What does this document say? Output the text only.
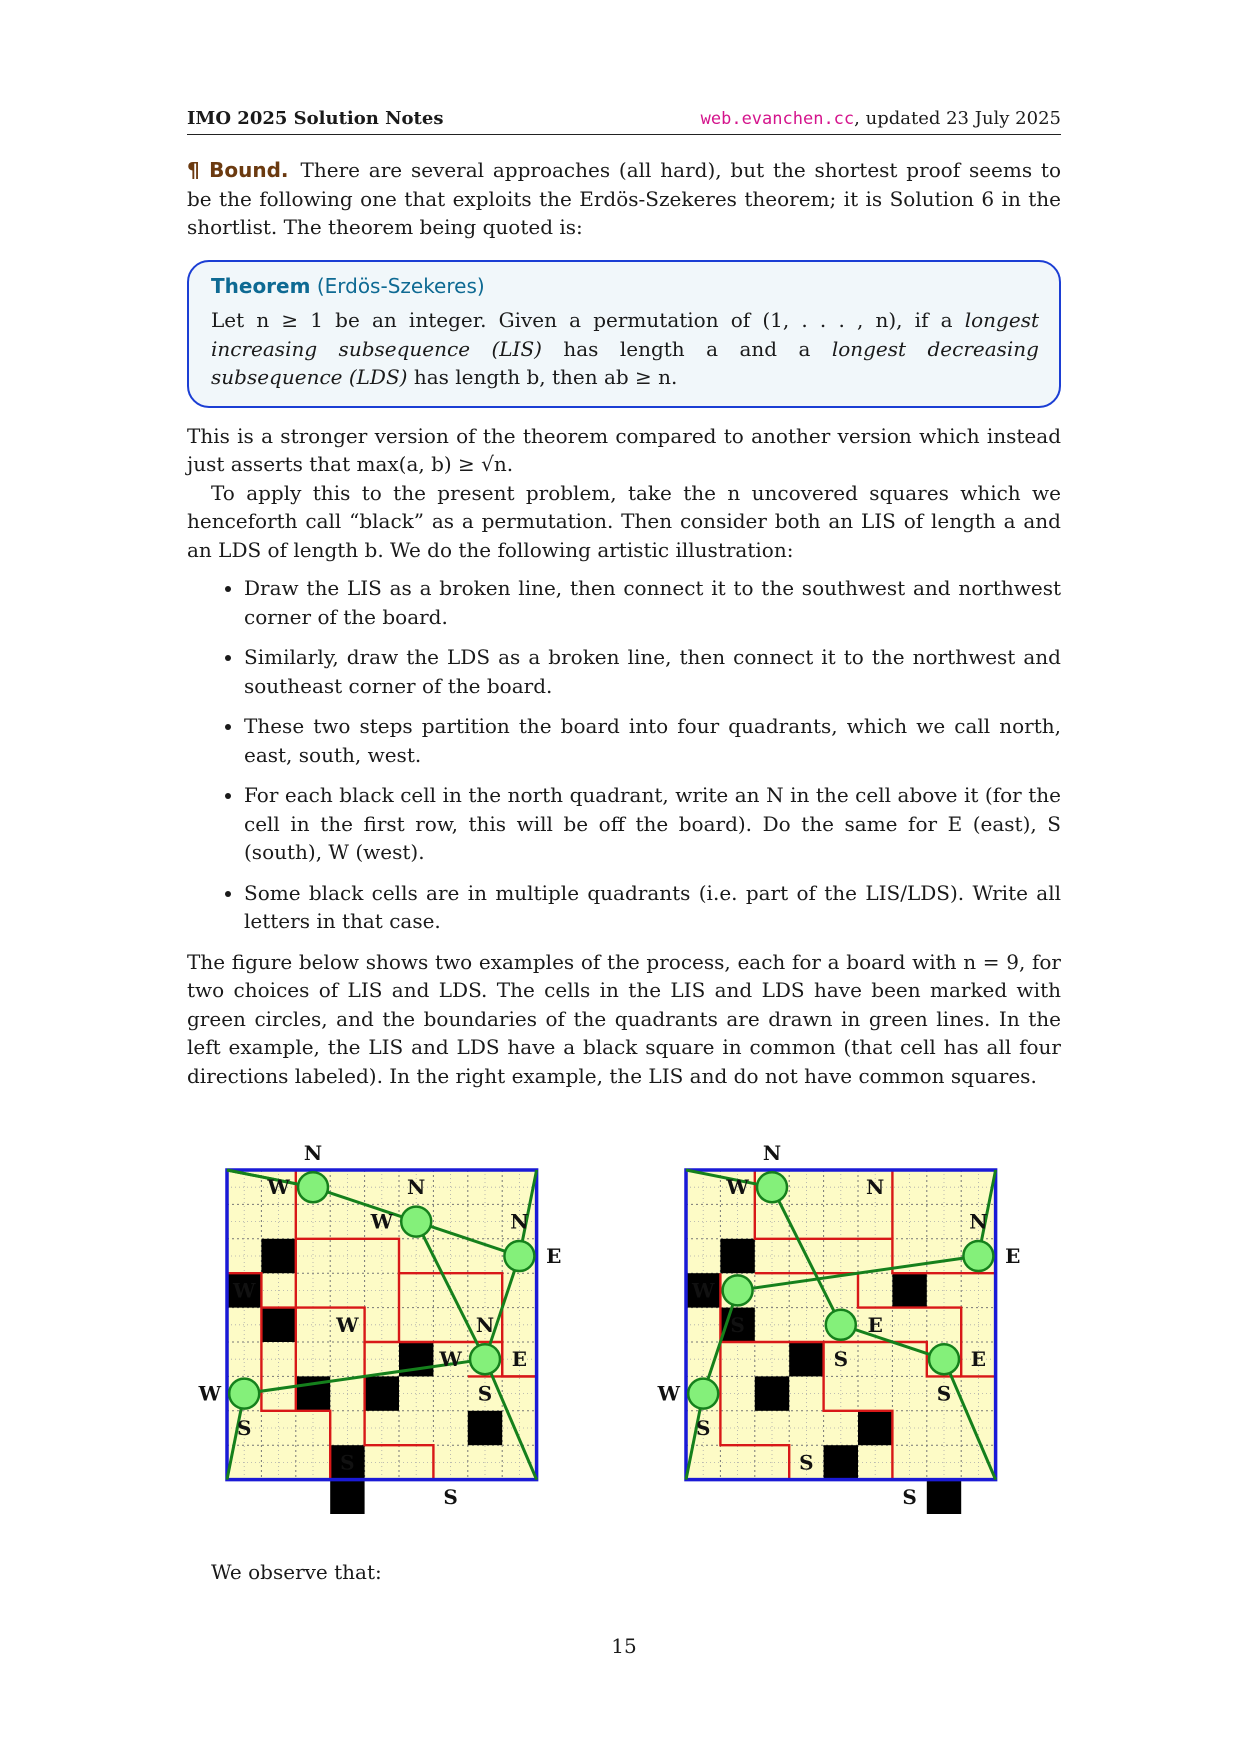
IMO 2025 Solution Notes	web.evanchen.cc, updated 23 July 2025

¶ Bound. There are several approaches (all hard), but the shortest proof seems to be the following one that exploits the Erdös-Szekeres theorem; it is Solution 6 in the shortlist. The theorem being quoted is:

Theorem (Erdös-Szekeres)

Let n ≥ 1 be an integer. Given a permutation of (1, . . . , n), if a longest increasing subsequence (LIS) has length a and a longest decreasing subsequence (LDS) has length b, then ab ≥ n.

This is a stronger version of the theorem compared to another version which instead just asserts that max(a, b) ≥ √n.

To apply this to the present problem, take the n uncovered squares which we henceforth call “black” as a permutation. Then consider both an LIS of length a and an LDS of length b. We do the following artistic illustration:

• Draw the LIS as a broken line, then connect it to the southwest and northwest corner of the board.
• Similarly, draw the LDS as a broken line, then connect it to the northwest and southeast corner of the board.
• These two steps partition the board into four quadrants, which we call north, east, south, west.
• For each black cell in the north quadrant, write an N in the cell above it (for the cell in the first row, this will be off the board). Do the same for E (east), S (south), W (west).
• Some black cells are in multiple quadrants (i.e. part of the LIS/LDS). Write all letters in that case.

The figure below shows two examples of the process, each for a board with n = 9, for two choices of LIS and LDS. The cells in the LIS and LDS have been marked with green circles, and the boundaries of the quadrants are drawn in green lines. In the left example, the LIS and LDS have a black square in common (that cell has all four directions labeled). In the right example, the LIS and do not have common squares.

N
W	N
W	N
E
W
W	N
W E
S
W
S
S
S
N
W	N
N
E
W
S	E
S	E
S
W
S
S
S
We observe that:
15
